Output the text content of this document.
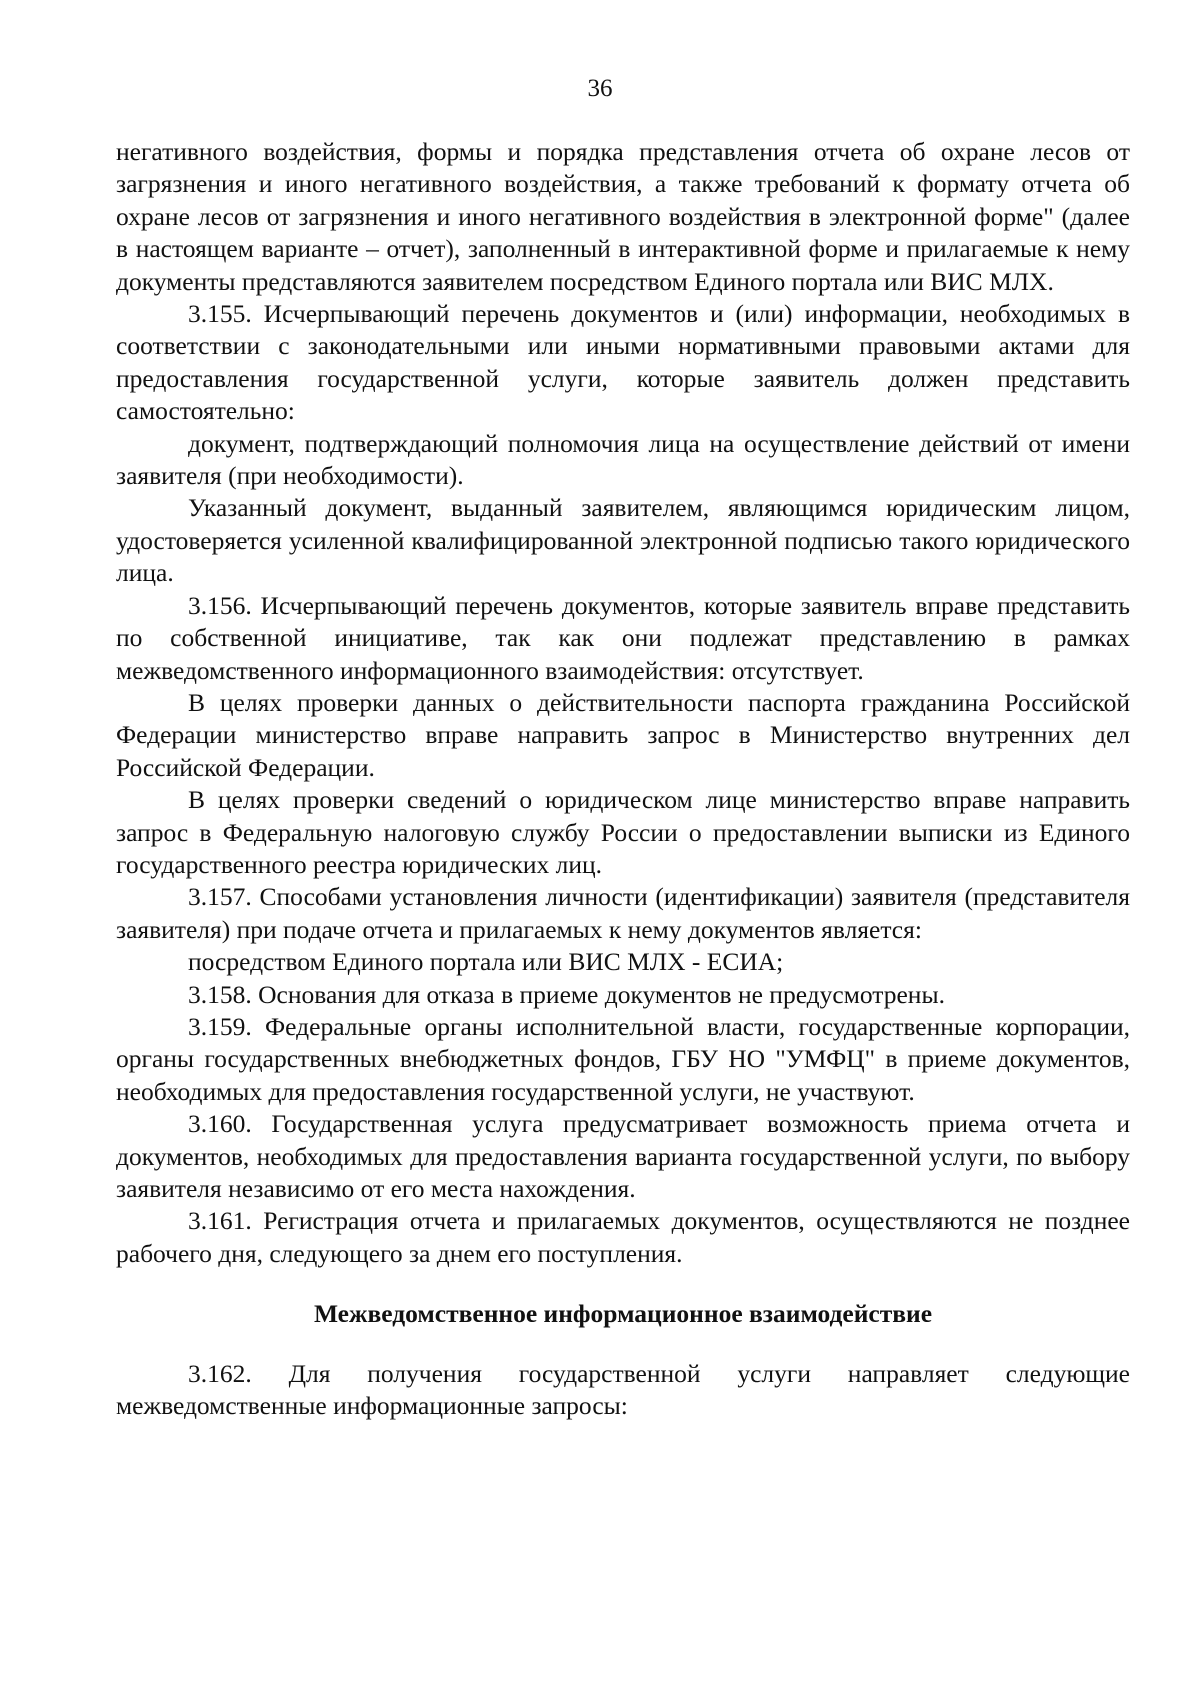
36

негативного воздействия, формы и порядка представления отчета об охране лесов от загрязнения и иного негативного воздействия, а также требований к формату отчета об охране лесов от загрязнения и иного негативного воздействия в электронной форме" (далее в настоящем варианте – отчет), заполненный в интерактивной форме и прилагаемые к нему документы представляются заявителем посредством Единого портала или ВИС МЛХ.

3.155. Исчерпывающий перечень документов и (или) информации, необходимых в соответствии с законодательными или иными нормативными правовыми актами для предоставления государственной услуги, которые заявитель должен представить самостоятельно:

документ, подтверждающий полномочия лица на осуществление действий от имени заявителя (при необходимости).

Указанный документ, выданный заявителем, являющимся юридическим лицом, удостоверяется усиленной квалифицированной электронной подписью такого юридического лица.

3.156. Исчерпывающий перечень документов, которые заявитель вправе представить по собственной инициативе, так как они подлежат представлению в рамках межведомственного информационного взаимодействия: отсутствует.

В целях проверки данных о действительности паспорта гражданина Российской Федерации министерство вправе направить запрос в Министерство внутренних дел Российской Федерации.

В целях проверки сведений о юридическом лице министерство вправе направить запрос в Федеральную налоговую службу России о предоставлении выписки из Единого государственного реестра юридических лиц.

3.157. Способами установления личности (идентификации) заявителя (представителя заявителя) при подаче отчета и прилагаемых к нему документов является:

посредством Единого портала или ВИС МЛХ - ЕСИА;

3.158. Основания для отказа в приеме документов не предусмотрены.

3.159. Федеральные органы исполнительной власти, государственные корпорации, органы государственных внебюджетных фондов, ГБУ НО "УМФЦ" в приеме документов, необходимых для предоставления государственной услуги, не участвуют.

3.160. Государственная услуга предусматривает возможность приема отчета и документов, необходимых для предоставления варианта государственной услуги, по выбору заявителя независимо от его места нахождения.

3.161. Регистрация отчета и прилагаемых документов, осуществляются не позднее рабочего дня, следующего за днем его поступления.

Межведомственное информационное взаимодействие

3.162. Для получения государственной услуги направляет следующие межведомственные информационные запросы:
